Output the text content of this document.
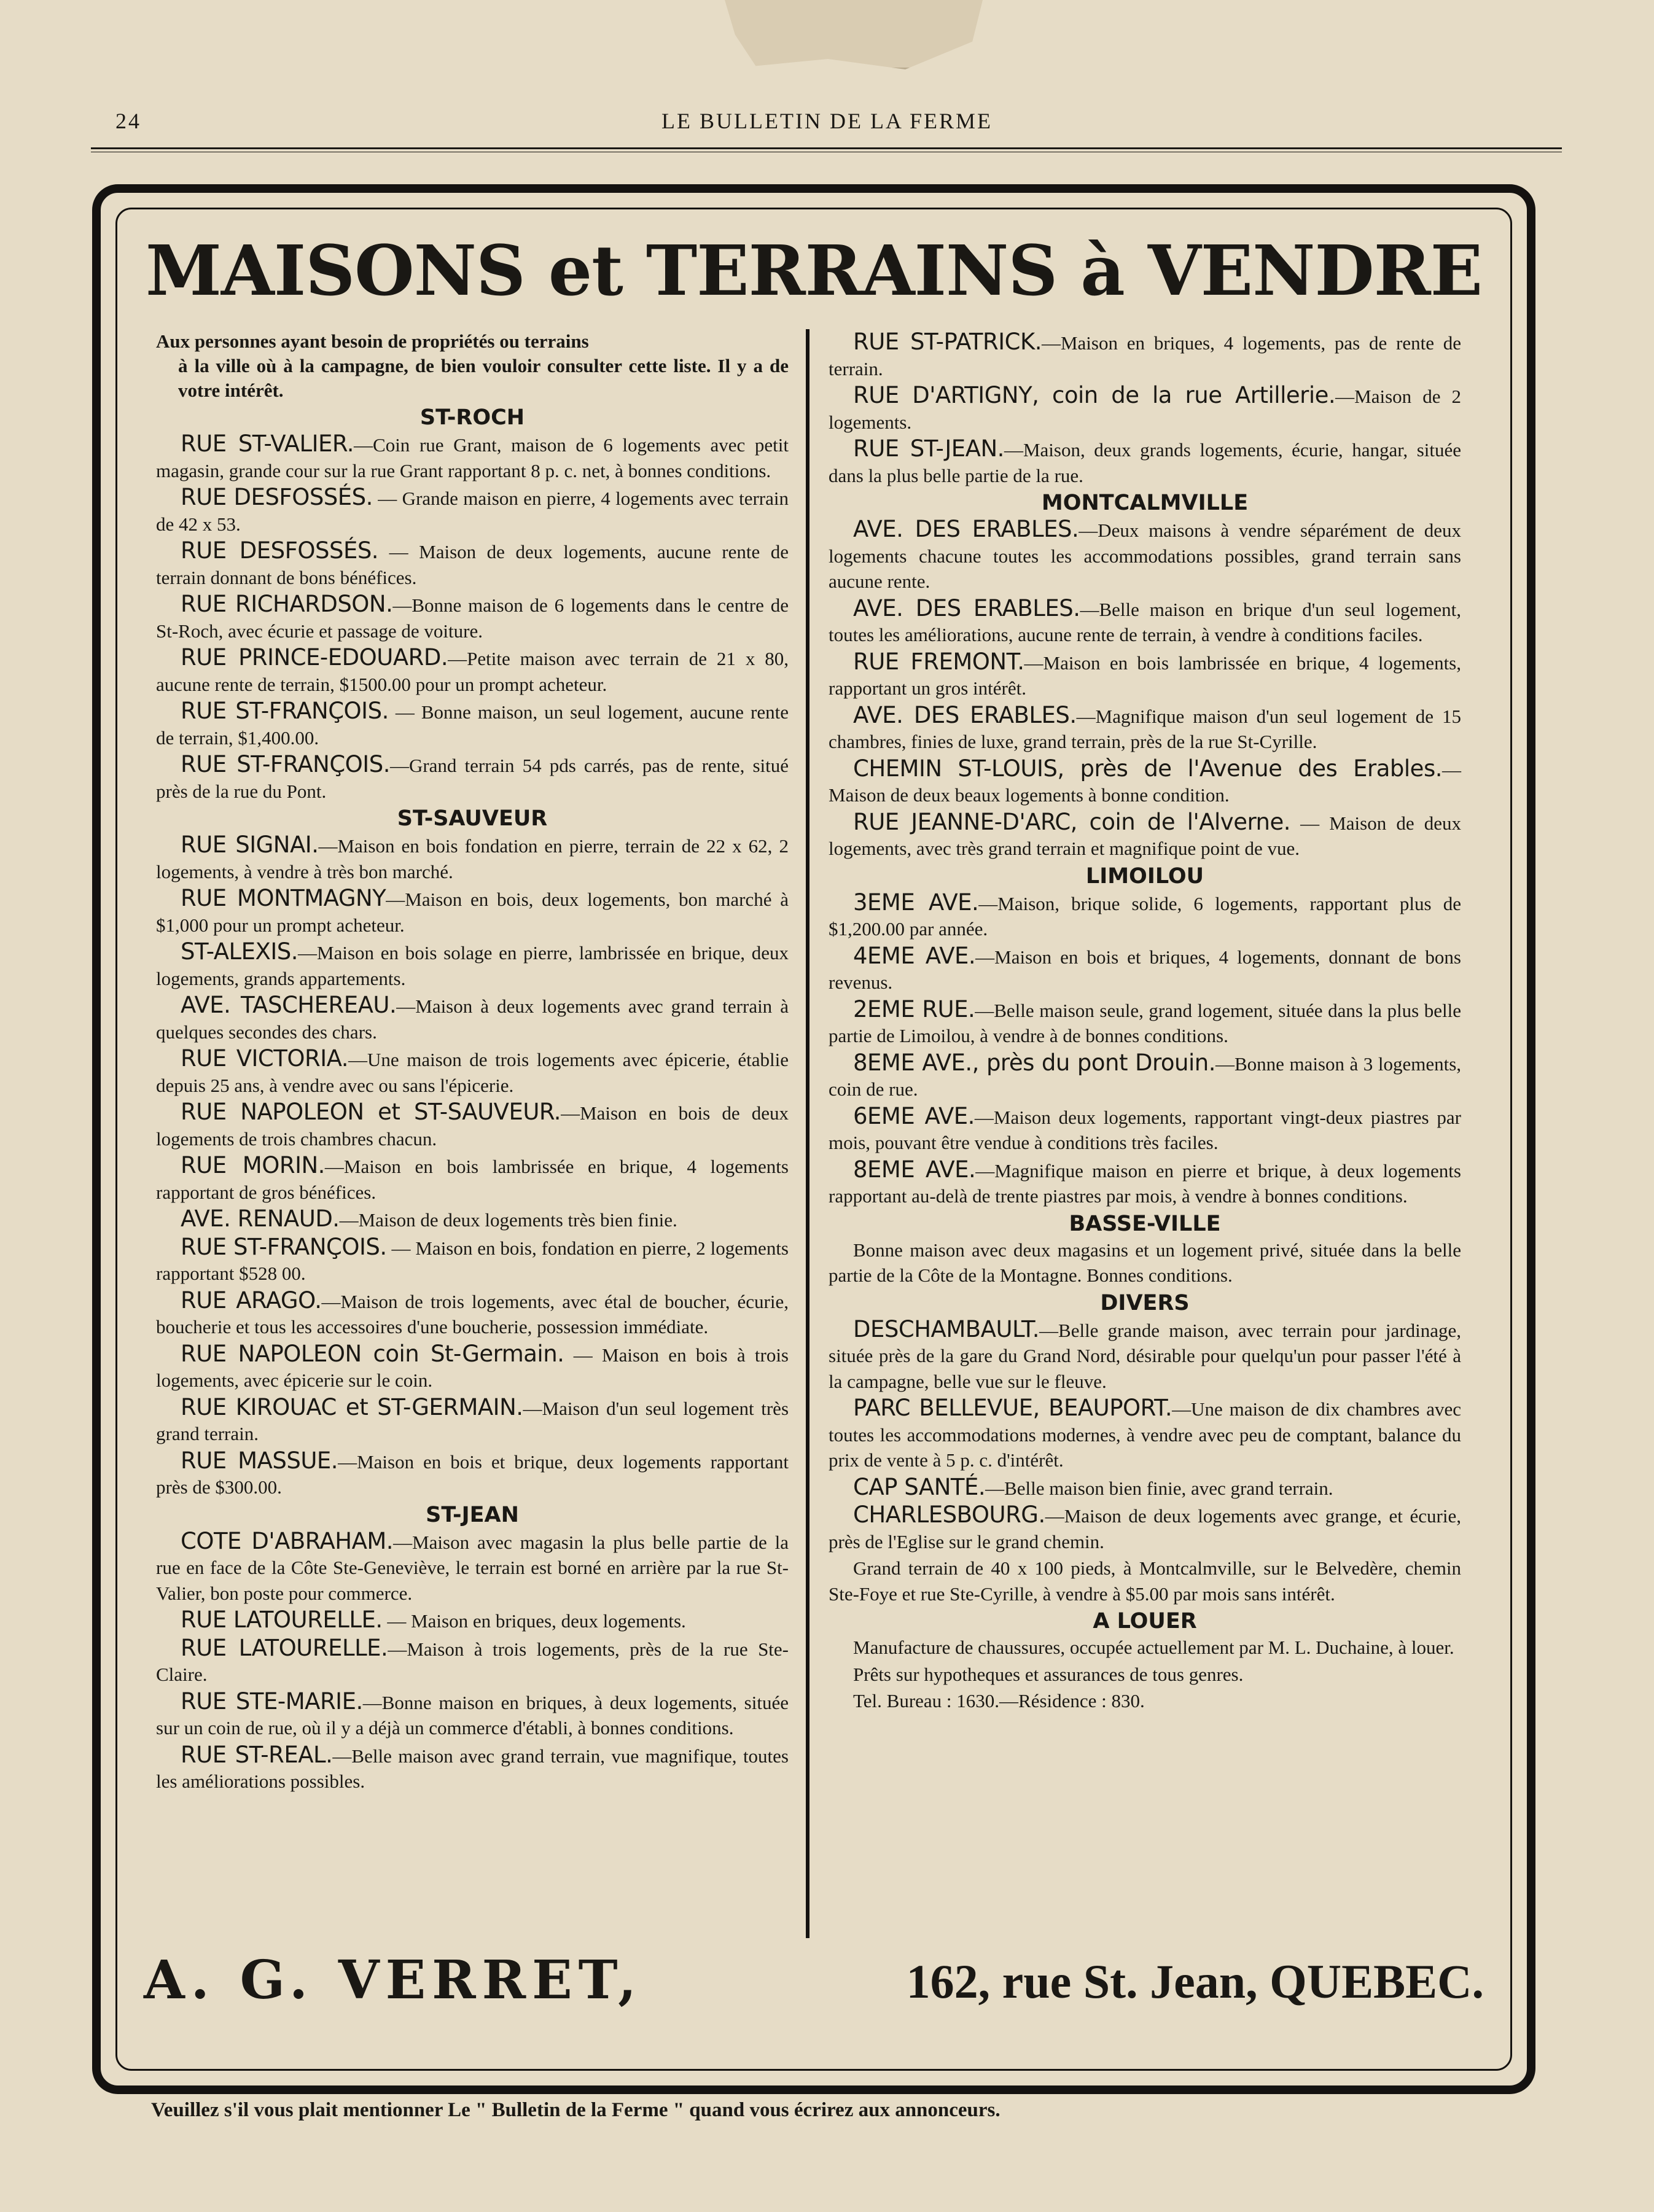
24	LE BULLETIN DE LA FERME
MAISONS et TERRAINS à VENDRE
Aux personnes ayant besoin de propriétés ou terrains
à la ville où à la campagne, de bien vouloir consulter cette liste. Il y a de votre intérêt.
ST-ROCH
RUE ST-VALIER.—Coin rue Grant, maison de 6 logements avec petit magasin, grande cour sur la rue Grant rapportant 8 p. c. net, à bonnes conditions.
RUE DESFOSSÉS. — Grande maison en pierre, 4 logements avec terrain de 42 x 53.
RUE DESFOSSÉS. — Maison de deux logements, aucune rente de terrain donnant de bons bénéfices.
RUE RICHARDSON.—Bonne maison de 6 logements dans le centre de St-Roch, avec écurie et passage de voiture.
RUE PRINCE-EDOUARD.—Petite maison avec terrain de 21 x 80, aucune rente de terrain, $1500.00 pour un prompt acheteur.
RUE ST-FRANÇOIS. — Bonne maison, un seul logement, aucune rente de terrain, $1,400.00.
RUE ST-FRANÇOIS.—Grand terrain 54 pds carrés, pas de rente, situé près de la rue du Pont.
ST-SAUVEUR
RUE SIGNAI.—Maison en bois fondation en pierre, terrain de 22 x 62, 2 logements, à vendre à très bon marché.
RUE MONTMAGNY—Maison en bois, deux logements, bon marché à $1,000 pour un prompt acheteur.
ST-ALEXIS.—Maison en bois solage en pierre, lambrissée en brique, deux logements, grands appartements.
AVE. TASCHEREAU.—Maison à deux logements avec grand terrain à quelques secondes des chars.
RUE VICTORIA.—Une maison de trois logements avec épicerie, établie depuis 25 ans, à vendre avec ou sans l'épicerie.
RUE NAPOLEON et ST-SAUVEUR.—Maison en bois de deux logements de trois chambres chacun.
RUE MORIN.—Maison en bois lambrissée en brique, 4 logements rapportant de gros bénéfices.
AVE. RENAUD.—Maison de deux logements très bien finie.
RUE ST-FRANÇOIS. — Maison en bois, fondation en pierre, 2 logements rapportant $528 00.
RUE ARAGO.—Maison de trois logements, avec étal de boucher, écurie, boucherie et tous les accessoires d'une boucherie, possession immédiate.
RUE NAPOLEON coin St-Germain. — Maison en bois à trois logements, avec épicerie sur le coin.
RUE KIROUAC et ST-GERMAIN.—Maison d'un seul logement très grand terrain.
RUE MASSUE.—Maison en bois et brique, deux logements rapportant près de $300.00.
ST-JEAN
COTE D'ABRAHAM.—Maison avec magasin la plus belle partie de la rue en face de la Côte Ste-Geneviève, le terrain est borné en arrière par la rue St-Valier, bon poste pour commerce.
RUE LATOURELLE. — Maison en briques, deux logements.
RUE LATOURELLE.—Maison à trois logements, près de la rue Ste-Claire.
RUE STE-MARIE.—Bonne maison en briques, à deux logements, située sur un coin de rue, où il y a déjà un commerce d'établi, à bonnes conditions.
RUE ST-REAL.—Belle maison avec grand terrain, vue magnifique, toutes les améliorations possibles.
RUE ST-PATRICK.—Maison en briques, 4 logements, pas de rente de terrain.
RUE D'ARTIGNY, coin de la rue Artillerie.—Maison de 2 logements.
RUE ST-JEAN.—Maison, deux grands logements, écurie, hangar, située dans la plus belle partie de la rue.
MONTCALMVILLE
AVE. DES ERABLES.—Deux maisons à vendre séparément de deux logements chacune toutes les accommodations possibles, grand terrain sans aucune rente.
AVE. DES ERABLES.—Belle maison en brique d'un seul logement, toutes les améliorations, aucune rente de terrain, à vendre à conditions faciles.
RUE FREMONT.—Maison en bois lambrissée en brique, 4 logements, rapportant un gros intérêt.
AVE. DES ERABLES.—Magnifique maison d'un seul logement de 15 chambres, finies de luxe, grand terrain, près de la rue St-Cyrille.
CHEMIN ST-LOUIS, près de l'Avenue des Erables.—Maison de deux beaux logements à bonne condition.
RUE JEANNE-D'ARC, coin de l'Alverne. — Maison de deux logements, avec très grand terrain et magnifique point de vue.
LIMOILOU
3EME AVE.—Maison, brique solide, 6 logements, rapportant plus de $1,200.00 par année.
4EME AVE.—Maison en bois et briques, 4 logements, donnant de bons revenus.
2EME RUE.—Belle maison seule, grand logement, située dans la plus belle partie de Limoilou, à vendre à de bonnes conditions.
8EME AVE., près du pont Drouin.—Bonne maison à 3 logements, coin de rue.
6EME AVE.—Maison deux logements, rapportant vingt-deux piastres par mois, pouvant être vendue à conditions très faciles.
8EME AVE.—Magnifique maison en pierre et brique, à deux logements rapportant au-delà de trente piastres par mois, à vendre à bonnes conditions.
BASSE-VILLE
Bonne maison avec deux magasins et un logement privé, située dans la belle partie de la Côte de la Montagne. Bonnes conditions.
DIVERS
DESCHAMBAULT.—Belle grande maison, avec terrain pour jardinage, située près de la gare du Grand Nord, désirable pour quelqu'un pour passer l'été à la campagne, belle vue sur le fleuve.
PARC BELLEVUE, BEAUPORT.—Une maison de dix chambres avec toutes les accommodations modernes, à vendre avec peu de comptant, balance du prix de vente à 5 p. c. d'intérêt.
CAP SANTÉ.—Belle maison bien finie, avec grand terrain.
CHARLESBOURG.—Maison de deux logements avec grange, et écurie, près de l'Eglise sur le grand chemin.
Grand terrain de 40 x 100 pieds, à Montcalmville, sur le Belvedère, chemin Ste-Foye et rue Ste-Cyrille, à vendre à $5.00 par mois sans intérêt.
A LOUER
Manufacture de chaussures, occupée actuellement par M. L. Duchaine, à louer.
Prêts sur hypotheques et assurances de tous genres.
Tel. Bureau : 1630.—Résidence : 830.
A. G. VERRET,	162, rue St. Jean, QUEBEC.
Veuillez s'il vous plait mentionner Le " Bulletin de la Ferme " quand vous écrirez aux annonceurs.
